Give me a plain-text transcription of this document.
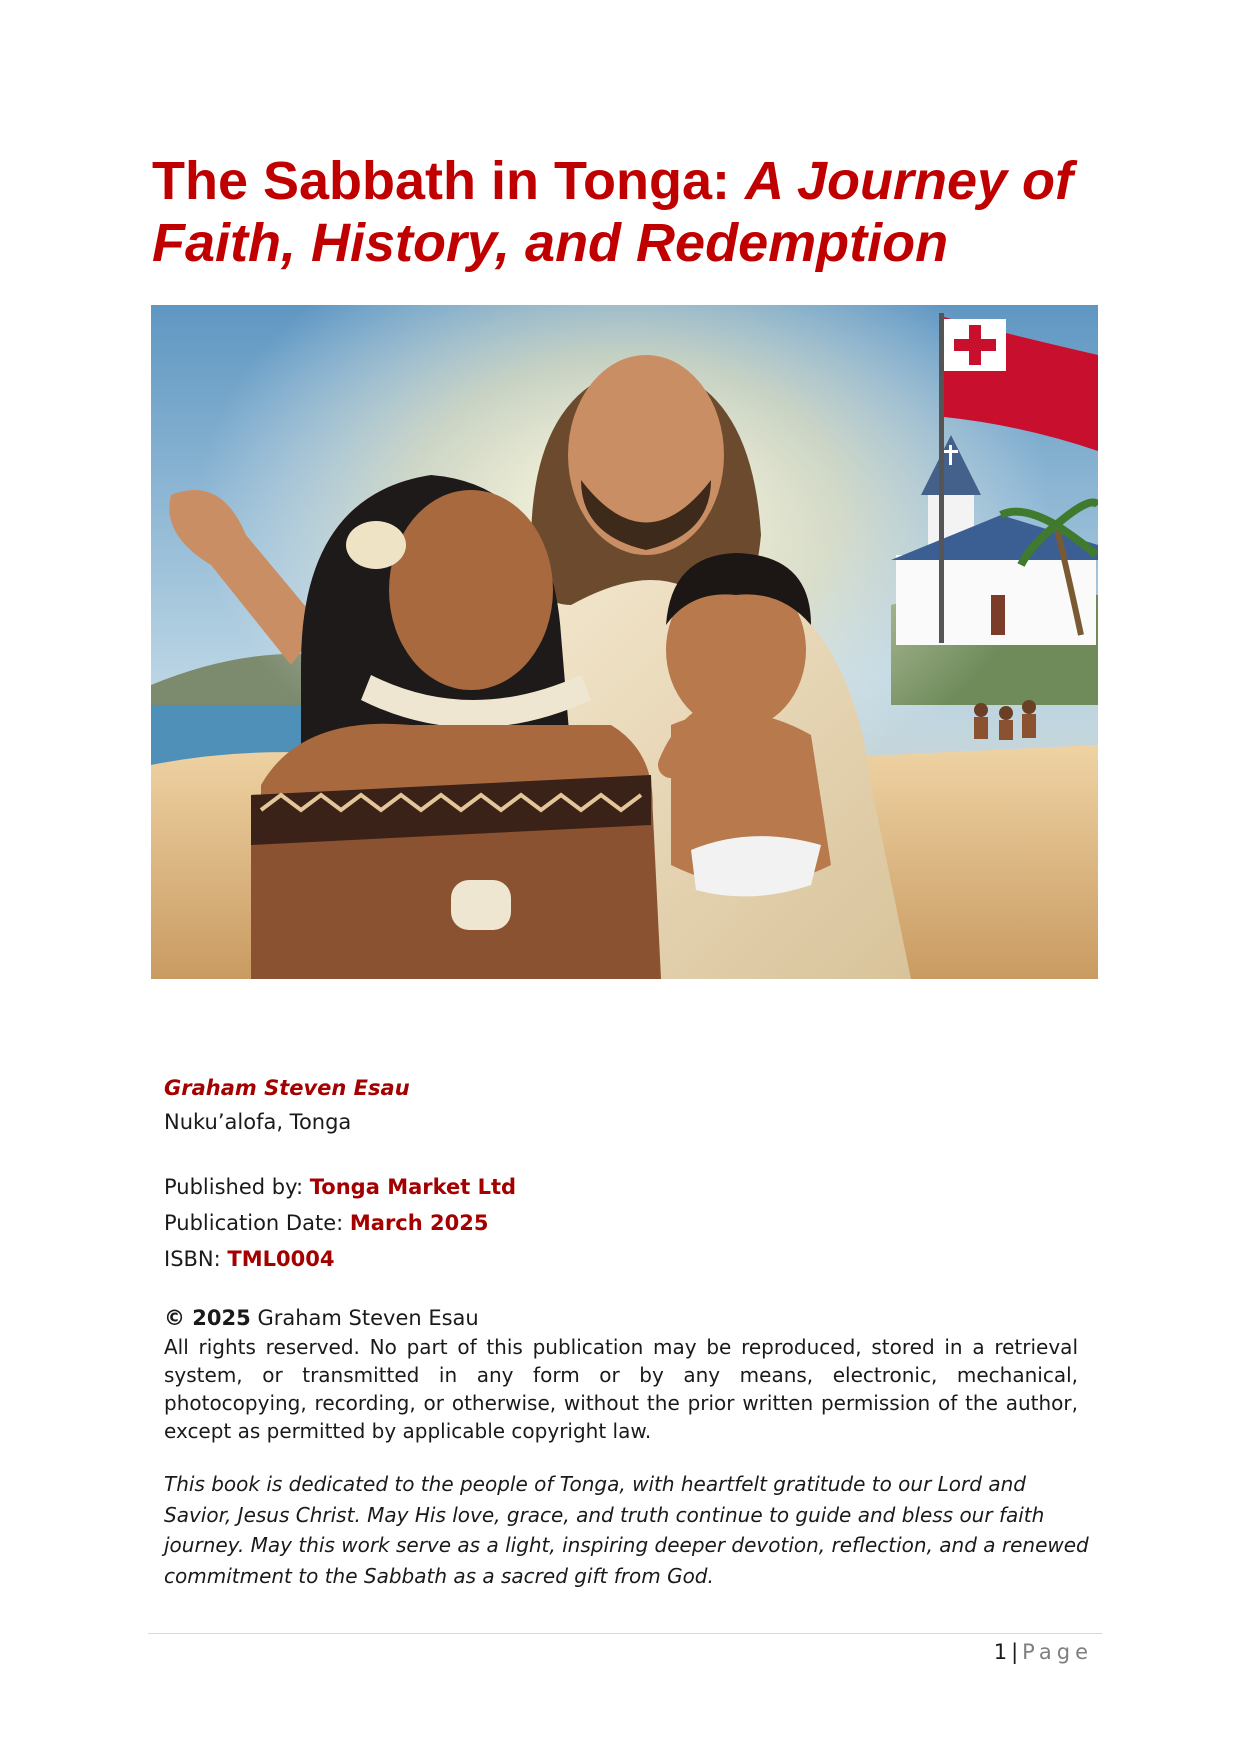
The Sabbath in Tonga: A Journey of Faith, History, and Redemption

Graham Steven Esau

Nuku’alofa, Tonga

Published by: Tonga Market Ltd

Publication Date: March 2025

ISBN: TML0004

© 2025 Graham Steven Esau

All rights reserved. No part of this publication may be reproduced, stored in a retrieval system, or transmitted in any form or by any means, electronic, mechanical, photocopying, recording, or otherwise, without the prior written permission of the author, except as permitted by applicable copyright law.

This book is dedicated to the people of Tonga, with heartfelt gratitude to our Lord and Savior, Jesus Christ. May His love, grace, and truth continue to guide and bless our faith journey. May this work serve as a light, inspiring deeper devotion, reflection, and a renewed commitment to the Sabbath as a sacred gift from God.

1 | Page
